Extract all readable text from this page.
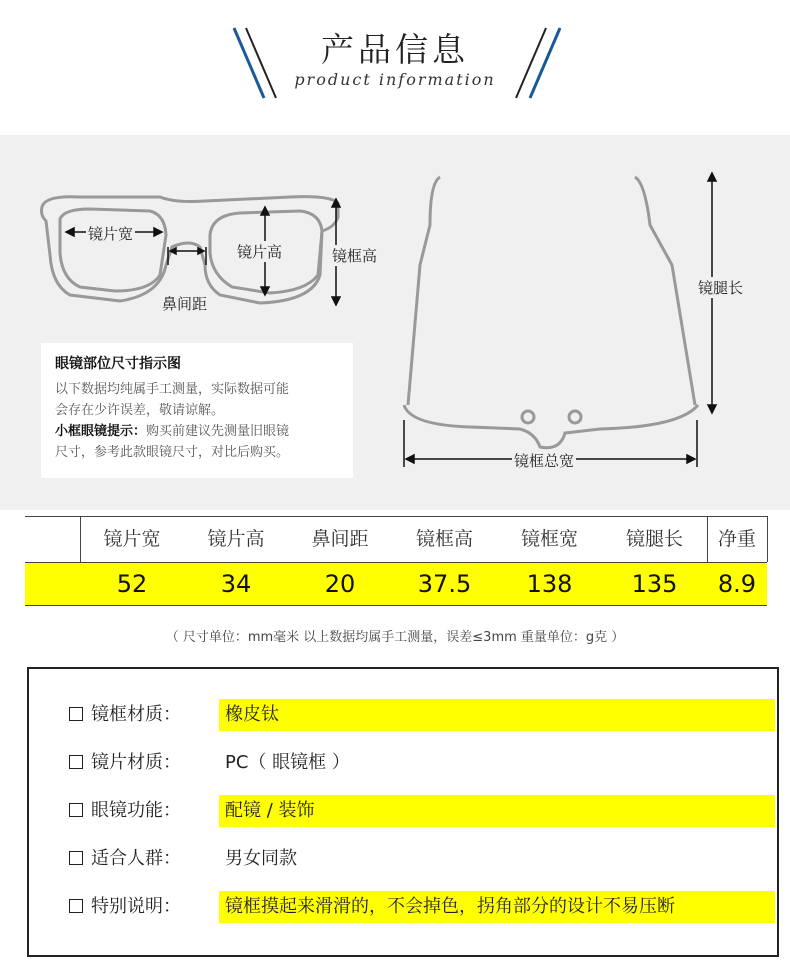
产品信息
product information
镜片宽
镜片高	镜框高
鼻间距
镜腿长
镜框总宽
眼镜部位尺寸指示图
以下数据均纯属手工测量，实际数据可能
会存在少许误差，敬请谅解。
小框眼镜提示：购买前建议先测量旧眼镜
尺寸，参考此款眼镜尺寸，对比后购买。
52	34	20	37.5	138	135	8.9
镜片宽	镜片高	鼻间距	镜框高	镜框宽	镜腿长	净重
（ 尺寸单位：mm毫米 以上数据均属手工测量，误差≤3mm 重量单位：g克 ）
镜框材质：	橡皮钛
镜片材质：	PC（ 眼镜框 ）
眼镜功能：	配镜 / 装饰
适合人群：	男女同款
特别说明：	镜框摸起来滑滑的，不会掉色，拐角部分的设计不易压断
